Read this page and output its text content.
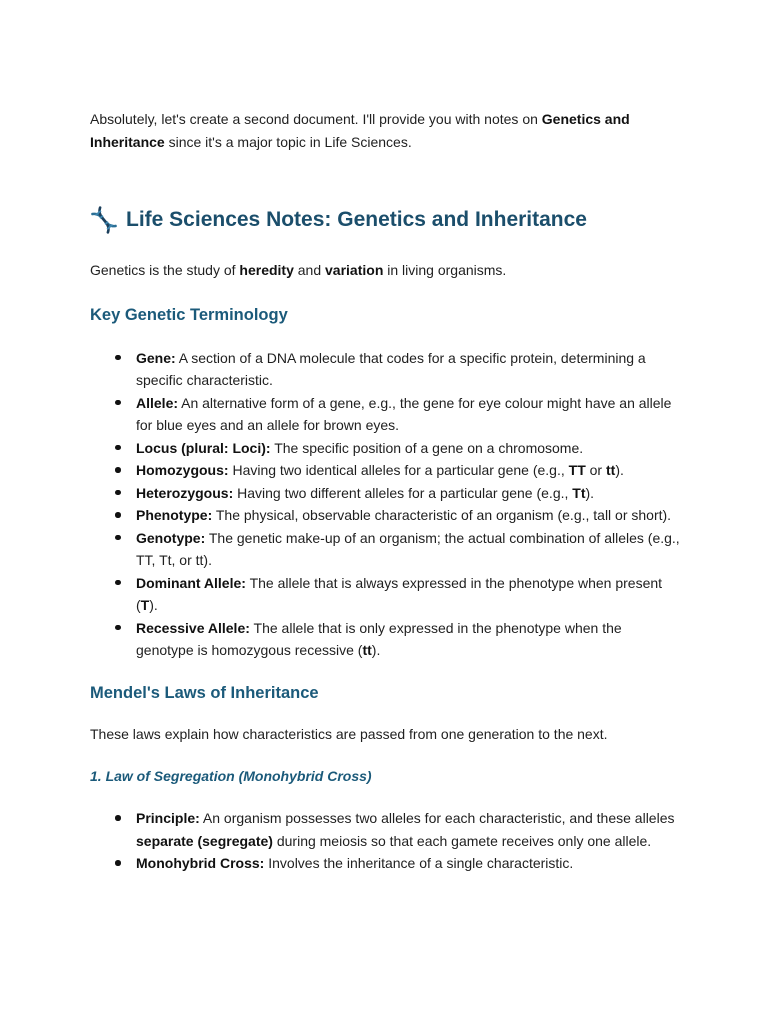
Absolutely, let's create a second document. I'll provide you with notes on Genetics and Inheritance since it's a major topic in Life Sciences.

Life Sciences Notes: Genetics and Inheritance

Genetics is the study of heredity and variation in living organisms.

Key Genetic Terminology
Gene: A section of a DNA molecule that codes for a specific protein, determining a specific characteristic.
Allele: An alternative form of a gene, e.g., the gene for eye colour might have an allele for blue eyes and an allele for brown eyes.
Locus (plural: Loci): The specific position of a gene on a chromosome.
Homozygous: Having two identical alleles for a particular gene (e.g., TT or tt).
Heterozygous: Having two different alleles for a particular gene (e.g., Tt).
Phenotype: The physical, observable characteristic of an organism (e.g., tall or short).
Genotype: The genetic make-up of an organism; the actual combination of alleles (e.g., TT, Tt, or tt).
Dominant Allele: The allele that is always expressed in the phenotype when present (T).
Recessive Allele: The allele that is only expressed in the phenotype when the genotype is homozygous recessive (tt).
Mendel's Laws of Inheritance

These laws explain how characteristics are passed from one generation to the next.

1. Law of Segregation (Monohybrid Cross)
Principle: An organism possesses two alleles for each characteristic, and these alleles separate (segregate) during meiosis so that each gamete receives only one allele.
Monohybrid Cross: Involves the inheritance of a single characteristic.
